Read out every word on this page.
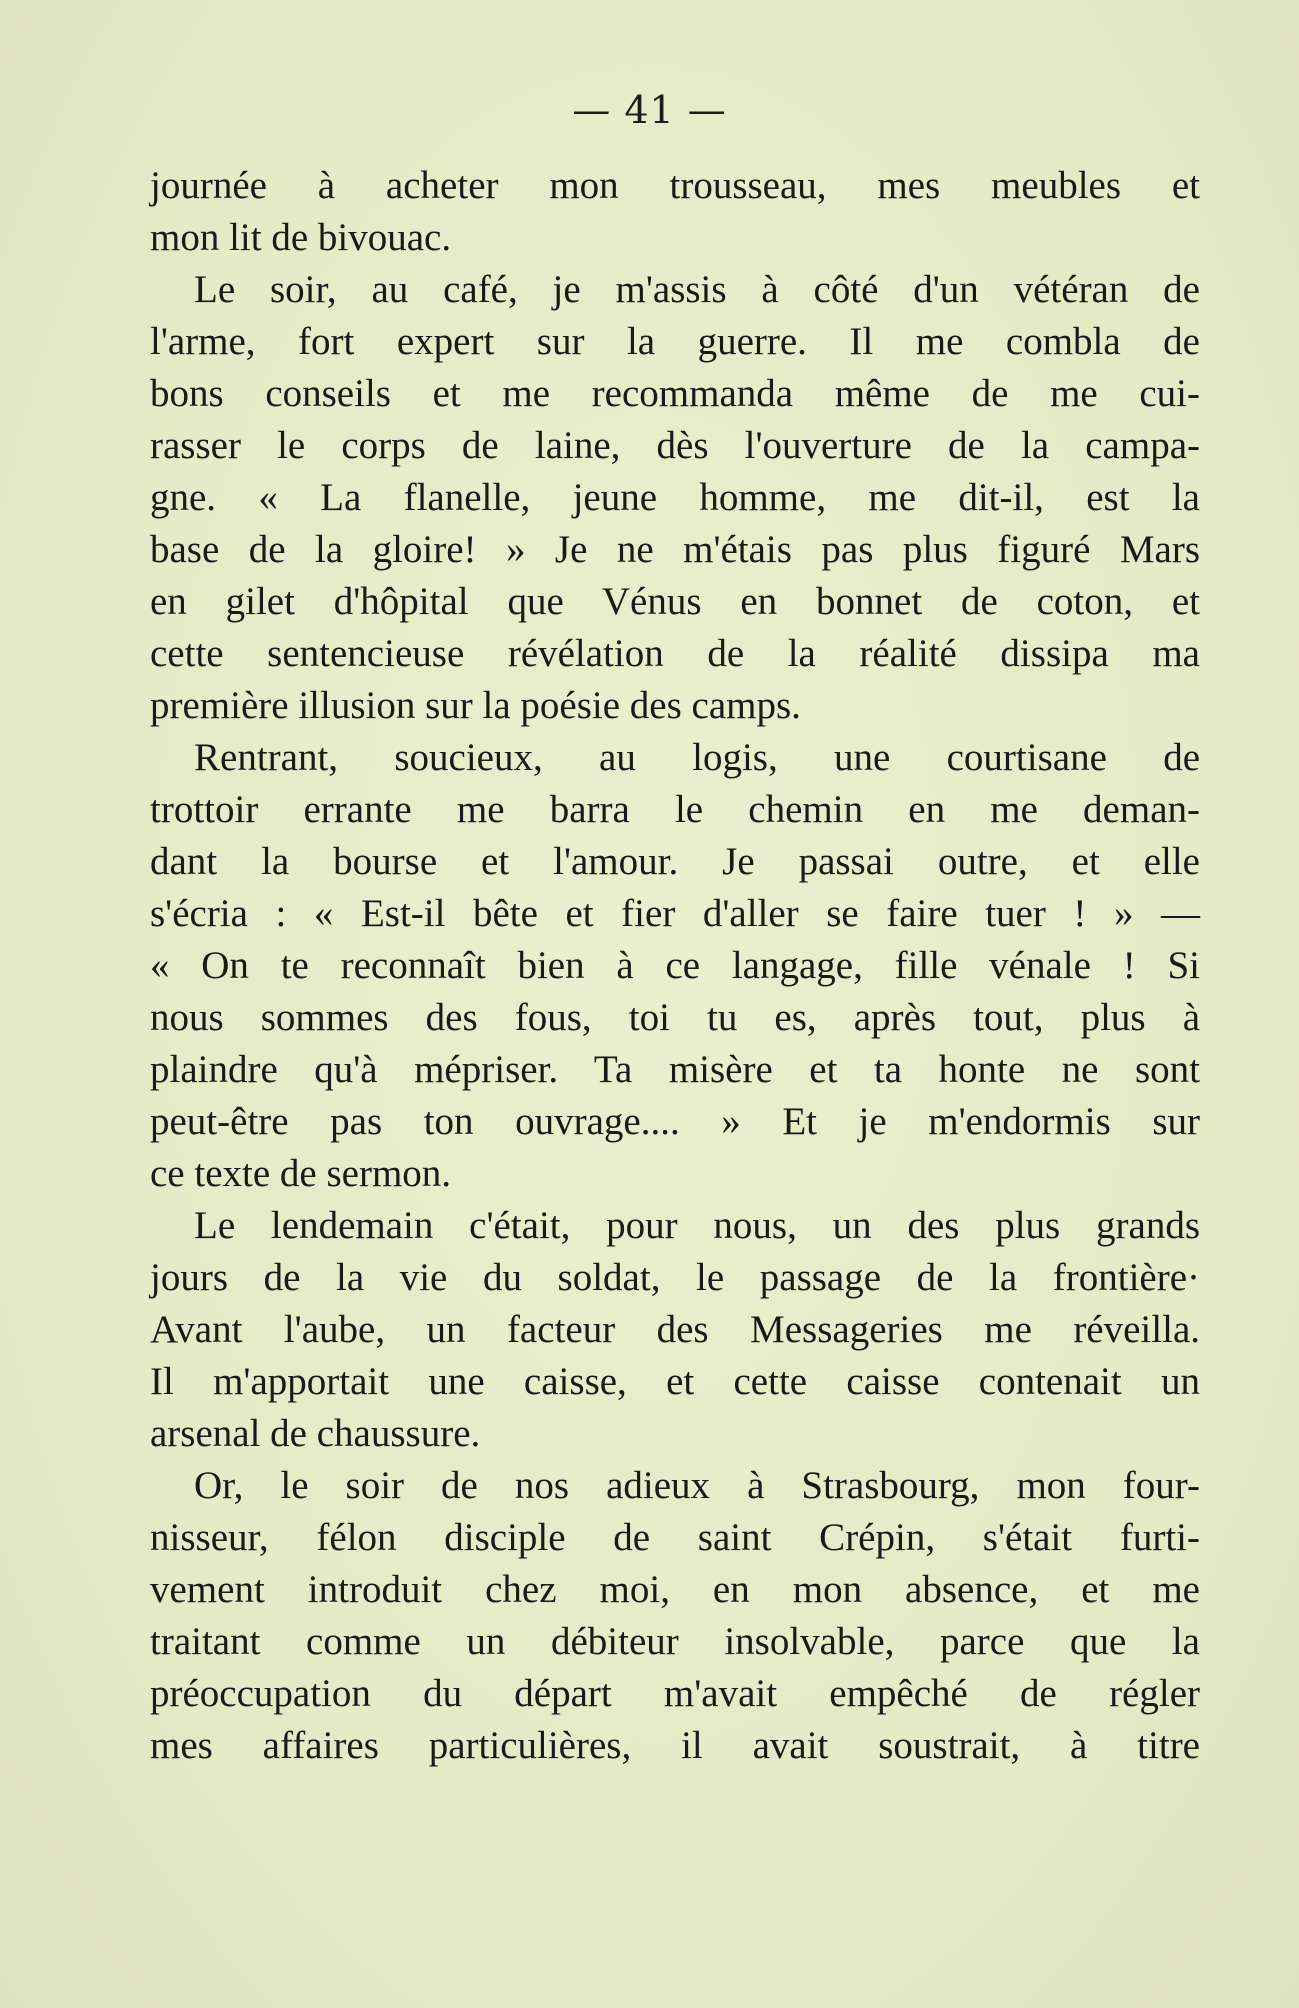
— 41 —
journée à acheter mon trousseau, mes meubles et
mon lit de bivouac.
Le soir, au café, je m'assis à côté d'un vétéran de
l'arme, fort expert sur la guerre. Il me combla de
bons conseils et me recommanda même de me cui-
rasser le corps de laine, dès l'ouverture de la campa-
gne. « La flanelle, jeune homme, me dit-il, est la
base de la gloire! » Je ne m'étais pas plus figuré Mars
en gilet d'hôpital que Vénus en bonnet de coton, et
cette sentencieuse révélation de la réalité dissipa ma
première illusion sur la poésie des camps.
Rentrant, soucieux, au logis, une courtisane de
trottoir errante me barra le chemin en me deman-
dant la bourse et l'amour. Je passai outre, et elle
s'écria : « Est-il bête et fier d'aller se faire tuer ! » —
« On te reconnaît bien à ce langage, fille vénale ! Si
nous sommes des fous, toi tu es, après tout, plus à
plaindre qu'à mépriser. Ta misère et ta honte ne sont
peut-être pas ton ouvrage.... » Et je m'endormis sur
ce texte de sermon.
Le lendemain c'était, pour nous, un des plus grands
jours de la vie du soldat, le passage de la frontière·
Avant l'aube, un facteur des Messageries me réveilla.
Il m'apportait une caisse, et cette caisse contenait un
arsenal de chaussure.
Or, le soir de nos adieux à Strasbourg, mon four-
nisseur, félon disciple de saint Crépin, s'était furti-
vement introduit chez moi, en mon absence, et me
traitant comme un débiteur insolvable, parce que la
préoccupation du départ m'avait empêché de régler
mes affaires particulières, il avait soustrait, à titre
